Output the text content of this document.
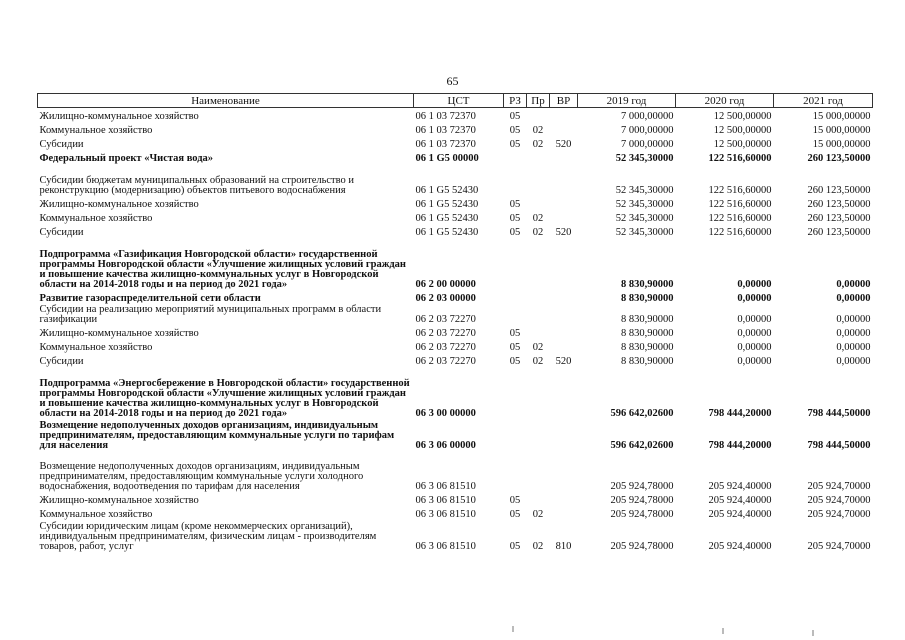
65
Наименование	ЦСТ	РЗ	Пр	ВР	2019 год	2020 год	2021 год
Жилищно-коммунальное хозяйство	06 1 03 72370	05			7 000,00000	12 500,00000	15 000,00000
Коммунальное хозяйство	06 1 03 72370	05	02		7 000,00000	12 500,00000	15 000,00000
Субсидии	06 1 03 72370	05	02	520	7 000,00000	12 500,00000	15 000,00000
Федеральный проект «Чистая вода»	06 1 G5 00000				52 345,30000	122 516,60000	260 123,50000
Субсидии бюджетам муниципальных образований на строительство и реконструкцию (модернизацию) объектов питьевого водоснабжения	06 1 G5 52430				52 345,30000	122 516,60000	260 123,50000
Жилищно-коммунальное хозяйство	06 1 G5 52430	05			52 345,30000	122 516,60000	260 123,50000
Коммунальное хозяйство	06 1 G5 52430	05	02		52 345,30000	122 516,60000	260 123,50000
Субсидии	06 1 G5 52430	05	02	520	52 345,30000	122 516,60000	260 123,50000
Подпрограмма «Газификация Новгородской области» государственной программы Новгородской области «Улучшение жилищных условий граждан и повышение качества жилищно-коммунальных услуг в Новгородской области на 2014-2018 годы и на период до 2021 года»	06 2 00 00000				8 830,90000	0,00000	0,00000
Развитие газораспределительной сети области	06 2 03 00000				8 830,90000	0,00000	0,00000
Субсидии на реализацию мероприятий муниципальных программ в области газификации	06 2 03 72270				8 830,90000	0,00000	0,00000
Жилищно-коммунальное хозяйство	06 2 03 72270	05			8 830,90000	0,00000	0,00000
Коммунальное хозяйство	06 2 03 72270	05	02		8 830,90000	0,00000	0,00000
Субсидии	06 2 03 72270	05	02	520	8 830,90000	0,00000	0,00000
Подпрограмма «Энергосбережение в Новгородской области» государственной программы Новгородской области «Улучшение жилищных условий граждан и повышение качества жилищно-коммунальных услуг в Новгородской области на 2014-2018 годы и на период до 2021 года»	06 3 00 00000				596 642,02600	798 444,20000	798 444,50000
Возмещение недополученных доходов организациям, индивидуальным предпринимателям, предоставляющим коммунальные услуги по тарифам для населения	06 3 06 00000				596 642,02600	798 444,20000	798 444,50000
Возмещение недополученных доходов организациям, индивидуальным предпринимателям, предоставляющим коммунальные услуги холодного водоснабжения, водоотведения по тарифам для населения	06 3 06 81510				205 924,78000	205 924,40000	205 924,70000
Жилищно-коммунальное хозяйство	06 3 06 81510	05			205 924,78000	205 924,40000	205 924,70000
Коммунальное хозяйство	06 3 06 81510	05	02		205 924,78000	205 924,40000	205 924,70000
Субсидии юридическим лицам (кроме некоммерческих организаций), индивидуальным предпринимателям, физическим лицам - производителям товаров, работ, услуг	06 3 06 81510	05	02	810	205 924,78000	205 924,40000	205 924,70000
